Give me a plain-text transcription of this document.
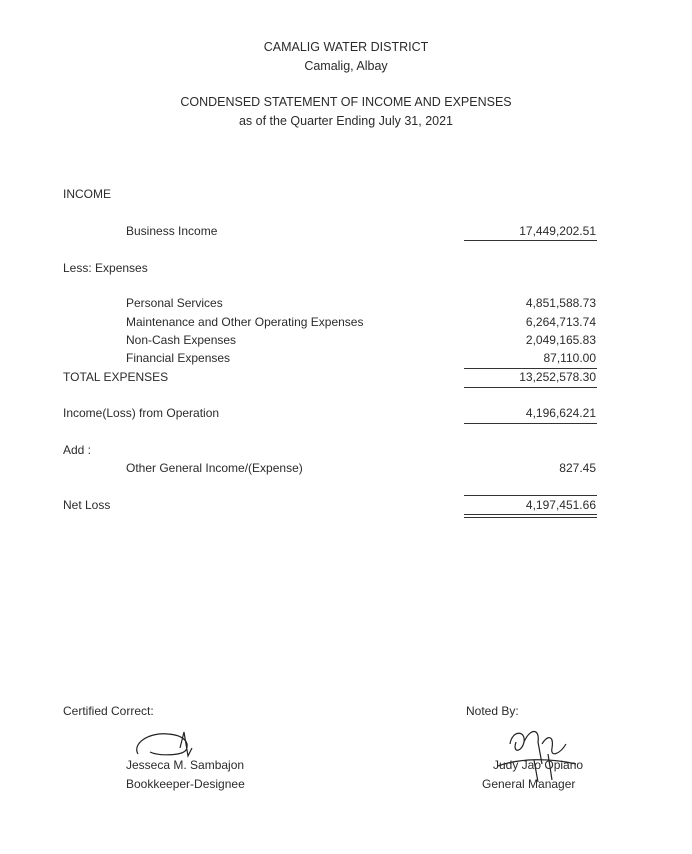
CAMALIG WATER DISTRICT
Camalig, Albay
CONDENSED STATEMENT OF INCOME AND EXPENSES
as of the Quarter Ending July 31, 2021
INCOME
Business Income	17,449,202.51
Less: Expenses
Personal Services	4,851,588.73
Maintenance and Other Operating Expenses	6,264,713.74
Non-Cash Expenses	2,049,165.83
Financial Expenses	87,110.00
TOTAL EXPENSES	13,252,578.30
Income(Loss) from Operation	4,196,624.21
Add :
Other General Income/(Expense)	827.45
Net Loss	4,197,451.66
Certified Correct:	Noted By:
Jesseca M. Sambajon
Bookkeeper-Designee
Judy Jao Opiano
General Manager
